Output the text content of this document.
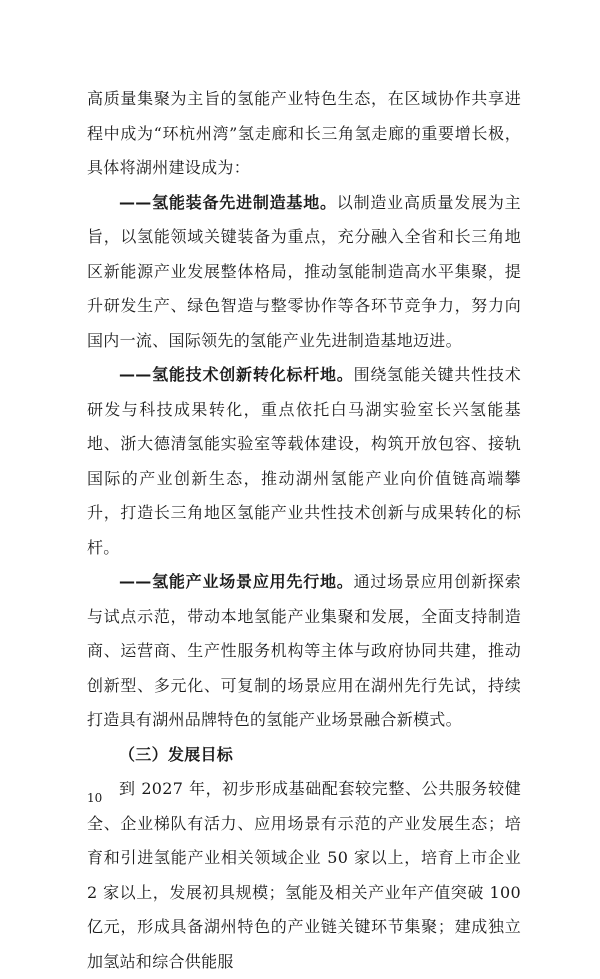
高质量集聚为主旨的氢能产业特色生态，在区域协作共享进程中成为“环杭州湾”氢走廊和长三角氢走廊的重要增长极，具体将湖州建设成为：

——氢能装备先进制造基地。以制造业高质量发展为主旨，以氢能领域关键装备为重点，充分融入全省和长三角地区新能源产业发展整体格局，推动氢能制造高水平集聚，提升研发生产、绿色智造与整零协作等各环节竞争力，努力向国内一流、国际领先的氢能产业先进制造基地迈进。

——氢能技术创新转化标杆地。围绕氢能关键共性技术研发与科技成果转化，重点依托白马湖实验室长兴氢能基地、浙大德清氢能实验室等载体建设，构筑开放包容、接轨国际的产业创新生态，推动湖州氢能产业向价值链高端攀升，打造长三角地区氢能产业共性技术创新与成果转化的标杆。

——氢能产业场景应用先行地。通过场景应用创新探索与试点示范，带动本地氢能产业集聚和发展，全面支持制造商、运营商、生产性服务机构等主体与政府协同共建，推动创新型、多元化、可复制的场景应用在湖州先行先试，持续打造具有湖州品牌特色的氢能产业场景融合新模式。

（三）发展目标

到 2027 年，初步形成基础配套较完整、公共服务较健全、企业梯队有活力、应用场景有示范的产业发展生态；培育和引进氢能产业相关领域企业 50 家以上，培育上市企业 2 家以上，发展初具规模；氢能及相关产业年产值突破 100 亿元，形成具备湖州特色的产业链关键环节集聚；建成独立加氢站和综合供能服

10
